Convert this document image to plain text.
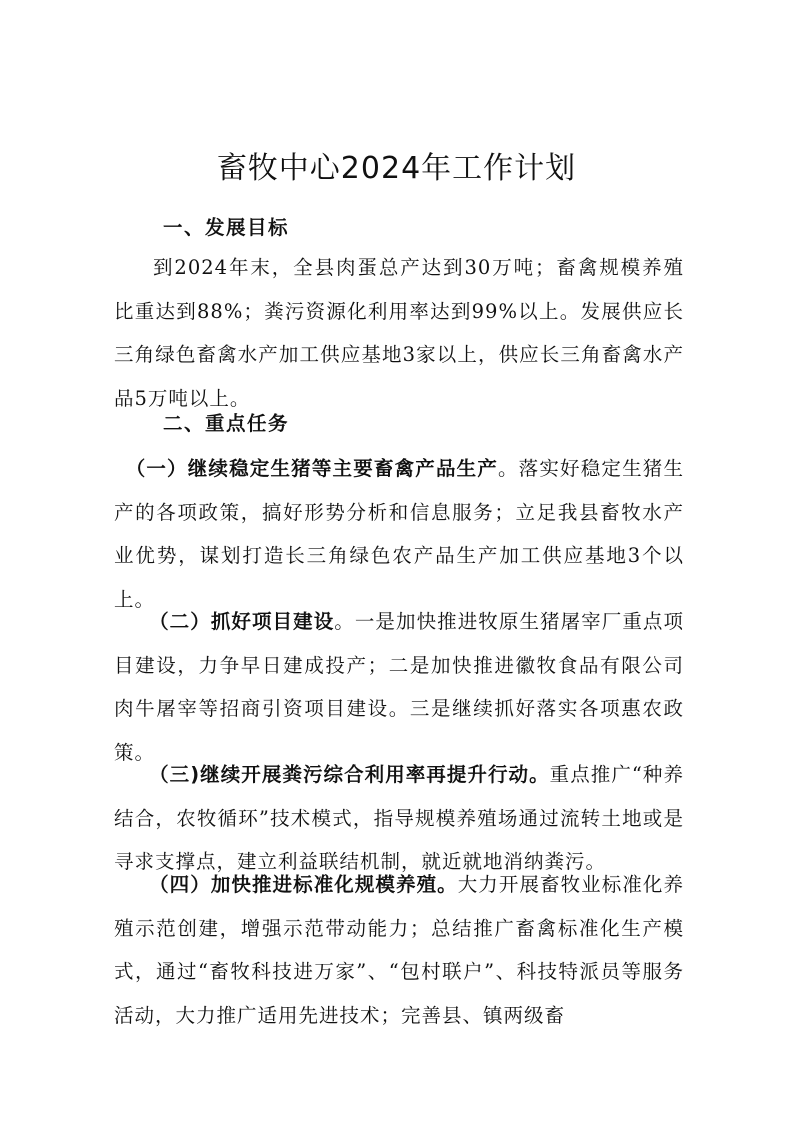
畜牧中心2024年工作计划
一、发展目标
到2024年末，全县肉蛋总产达到30万吨；畜禽规模养殖比重达到88%；粪污资源化利用率达到99%以上。发展供应长三角绿色畜禽水产加工供应基地3家以上，供应长三角畜禽水产品5万吨以上。
二、重点任务
（一）继续稳定生猪等主要畜禽产品生产。落实好稳定生猪生产的各项政策，搞好形势分析和信息服务；立足我县畜牧水产业优势，谋划打造长三角绿色农产品生产加工供应基地3个以上。
（二）抓好项目建设。一是加快推进牧原生猪屠宰厂重点项目建设，力争早日建成投产；二是加快推进徽牧食品有限公司肉牛屠宰等招商引资项目建设。三是继续抓好落实各项惠农政策。
（三)继续开展粪污综合利用率再提升行动。重点推广“种养结合，农牧循环”技术模式，指导规模养殖场通过流转土地或是寻求支撑点，建立利益联结机制，就近就地消纳粪污。
（四）加快推进标准化规模养殖。大力开展畜牧业标准化养殖示范创建，增强示范带动能力；总结推广畜禽标准化生产模式，通过“畜牧科技进万家”、“包村联户”、科技特派员等服务活动，大力推广适用先进技术；完善县、镇两级畜
